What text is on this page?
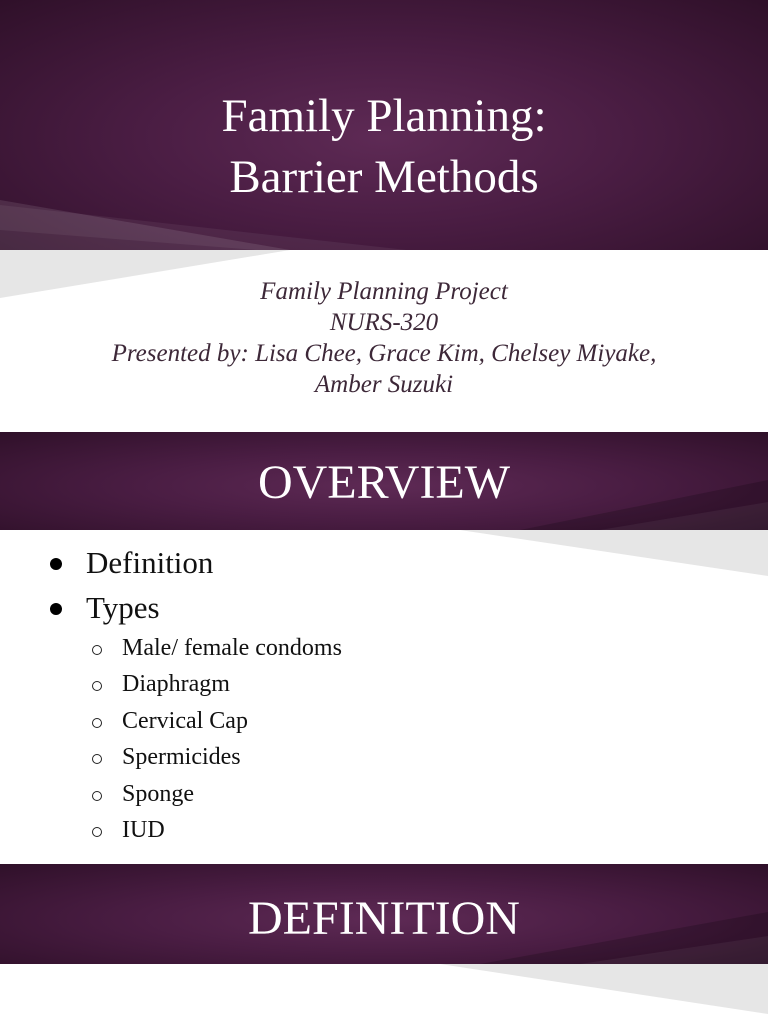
Family Planning:
Barrier Methods
Family Planning Project
NURS-320
Presented by: Lisa Chee, Grace Kim, Chelsey Miyake,
Amber Suzuki
OVERVIEW
Definition
Types
Male/ female condoms
Diaphragm
Cervical Cap
Spermicides
Sponge
IUD
DEFINITION
